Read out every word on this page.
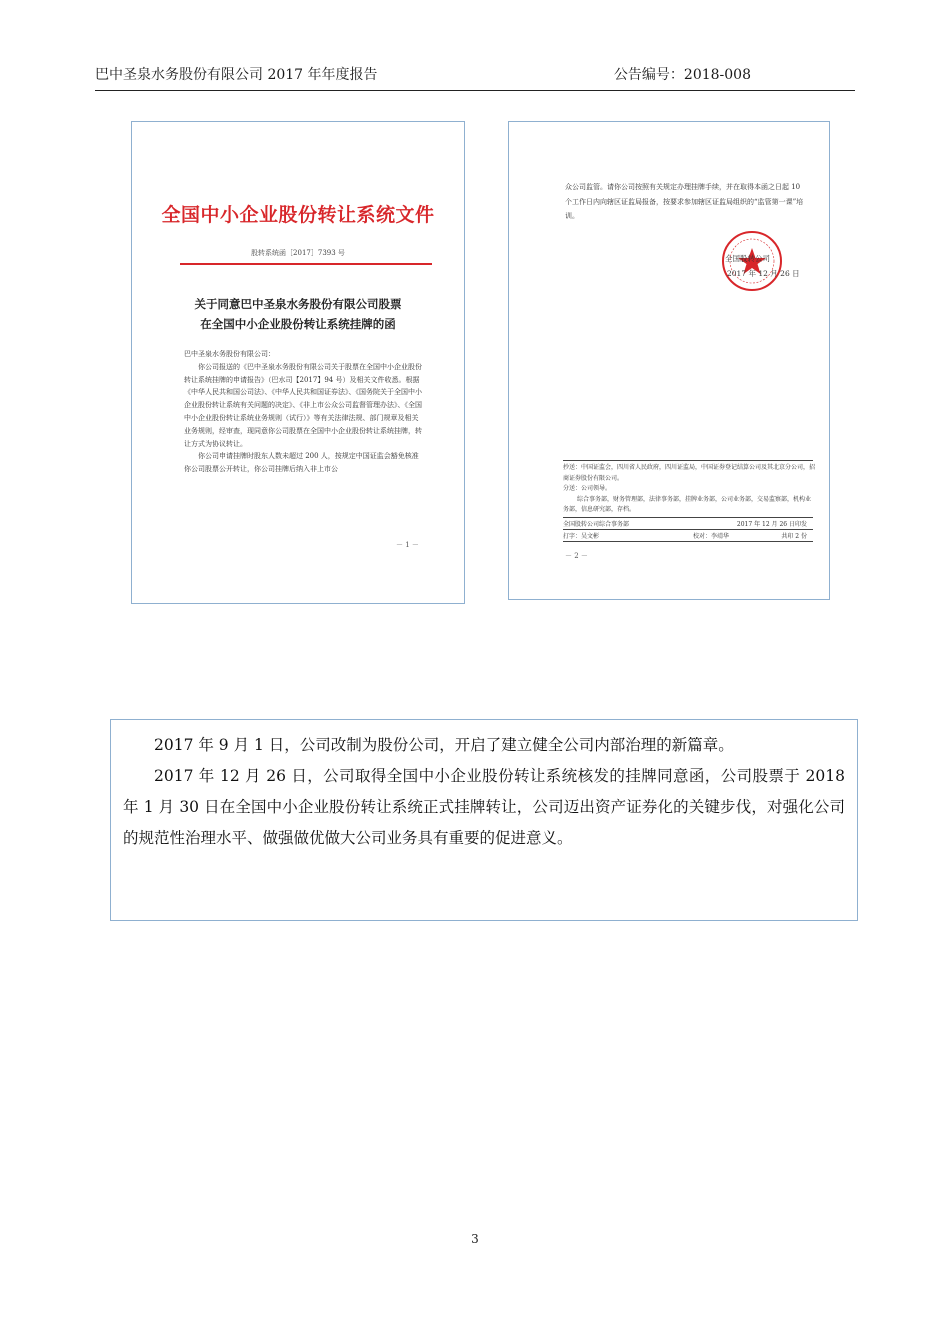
巴中圣泉水务股份有限公司 2017 年年度报告	公告编号：2018-008
全国中小企业股份转让系统文件
股转系统函［2017］7393 号
关于同意巴中圣泉水务股份有限公司股票
在全国中小企业股份转让系统挂牌的函

巴中圣泉水务股份有限公司：

你公司报送的《巴中圣泉水务股份有限公司关于股票在全国中小企业股份转让系统挂牌的申请报告》（巴水司【2017】94 号）及相关文件收悉。根据《中华人民共和国公司法》、《中华人民共和国证券法》、《国务院关于全国中小企业股份转让系统有关问题的决定》、《非上市公众公司监督管理办法》、《全国中小企业股份转让系统业务规则（试行）》等有关法律法规、部门规章及相关业务规则，经审查，现同意你公司股票在全国中小企业股份转让系统挂牌，转让方式为协议转让。

你公司申请挂牌时股东人数未超过 200 人，按规定中国证监会豁免核准你公司股票公开转让，你公司挂牌后纳入非上市公

－ 1 －

众公司监管。请你公司按照有关规定办理挂牌手续，并在取得本函之日起 10 个工作日内向辖区证监局报备，按要求参加辖区证监局组织的“监管第一课”培训。

全国股转公司
2017 年 12 月 26 日

抄送：中国证监会，四川省人民政府，四川证监局，中国证券登记结算公司及其北京分公司，招商证券股份有限公司。

分送：公司领导。

综合事务部，财务管理部，法律事务部，挂牌业务部，公司业务部，交易监察部，机构业务部，信息研究部，存档。

全国股转公司综合事务部	2017 年 12 月 26 日印发
打字：吴文彬	校对：李靖华	共印 2 份
－ 2 －

2017 年 9 月 1 日，公司改制为股份公司，开启了建立健全公司内部治理的新篇章。

2017 年 12 月 26 日，公司取得全国中小企业股份转让系统核发的挂牌同意函，公司股票于 2018 年 1 月 30 日在全国中小企业股份转让系统正式挂牌转让，公司迈出资产证券化的关键步伐，对强化公司的规范性治理水平、做强做优做大公司业务具有重要的促进意义。

3
